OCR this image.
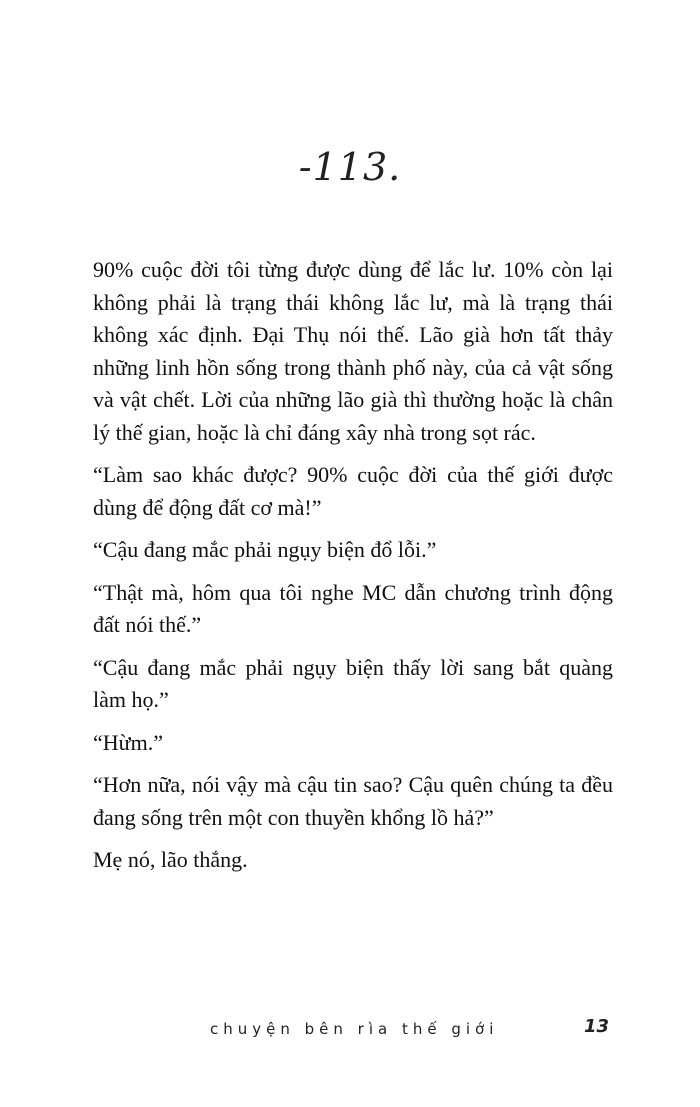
-113.

90% cuộc đời tôi từng được dùng để lắc lư. 10% còn lại không phải là trạng thái không lắc lư, mà là trạng thái không xác định. Đại Thụ nói thế. Lão già hơn tất thảy những linh hồn sống trong thành phố này, của cả vật sống và vật chết. Lời của những lão già thì thường hoặc là chân lý thế gian, hoặc là chỉ đáng xây nhà trong sọt rác.

“Làm sao khác được? 90% cuộc đời của thế giới được dùng để động đất cơ mà!”

“Cậu đang mắc phải ngụy biện đổ lỗi.”

“Thật mà, hôm qua tôi nghe MC dẫn chương trình động đất nói thế.”

“Cậu đang mắc phải ngụy biện thấy lời sang bắt quàng làm họ.”

“Hừm.”

“Hơn nữa, nói vậy mà cậu tin sao? Cậu quên chúng ta đều đang sống trên một con thuyền khổng lồ hả?”

Mẹ nó, lão thắng.

chuyện bên rìa thế giới	13
